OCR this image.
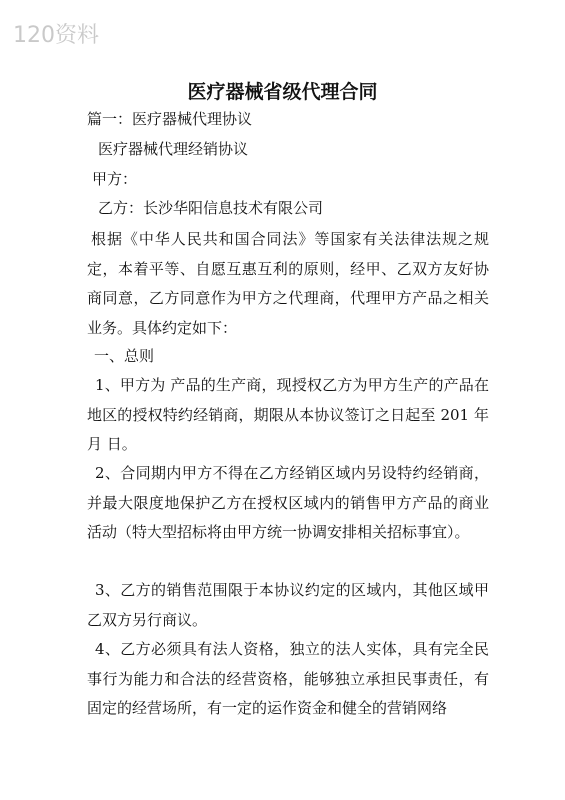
120资料
医疗器械省级代理合同
篇一：医疗器械代理协议
医疗器械代理经销协议
甲方：
乙方：长沙华阳信息技术有限公司
根据《中华人民共和国合同法》等国家有关法律法规之规定，本着平等、自愿互惠互利的原则，经甲、乙双方友好协商同意，乙方同意作为甲方之代理商，代理甲方产品之相关业务。具体约定如下：
一、总则
1、甲方为 产品的生产商，现授权乙方为甲方生产的产品在 地区的授权特约经销商，期限从本协议签订之日起至 201 年 月 日。
2、合同期内甲方不得在乙方经销区域内另设特约经销商，并最大限度地保护乙方在授权区域内的销售甲方产品的商业活动（特大型招标将由甲方统一协调安排相关招标事宜）。
3、乙方的销售范围限于本协议约定的区域内，其他区域甲乙双方另行商议。
4、乙方必须具有法人资格，独立的法人实体，具有完全民事行为能力和合法的经营资格，能够独立承担民事责任，有固定的经营场所，有一定的运作资金和健全的营销网络
